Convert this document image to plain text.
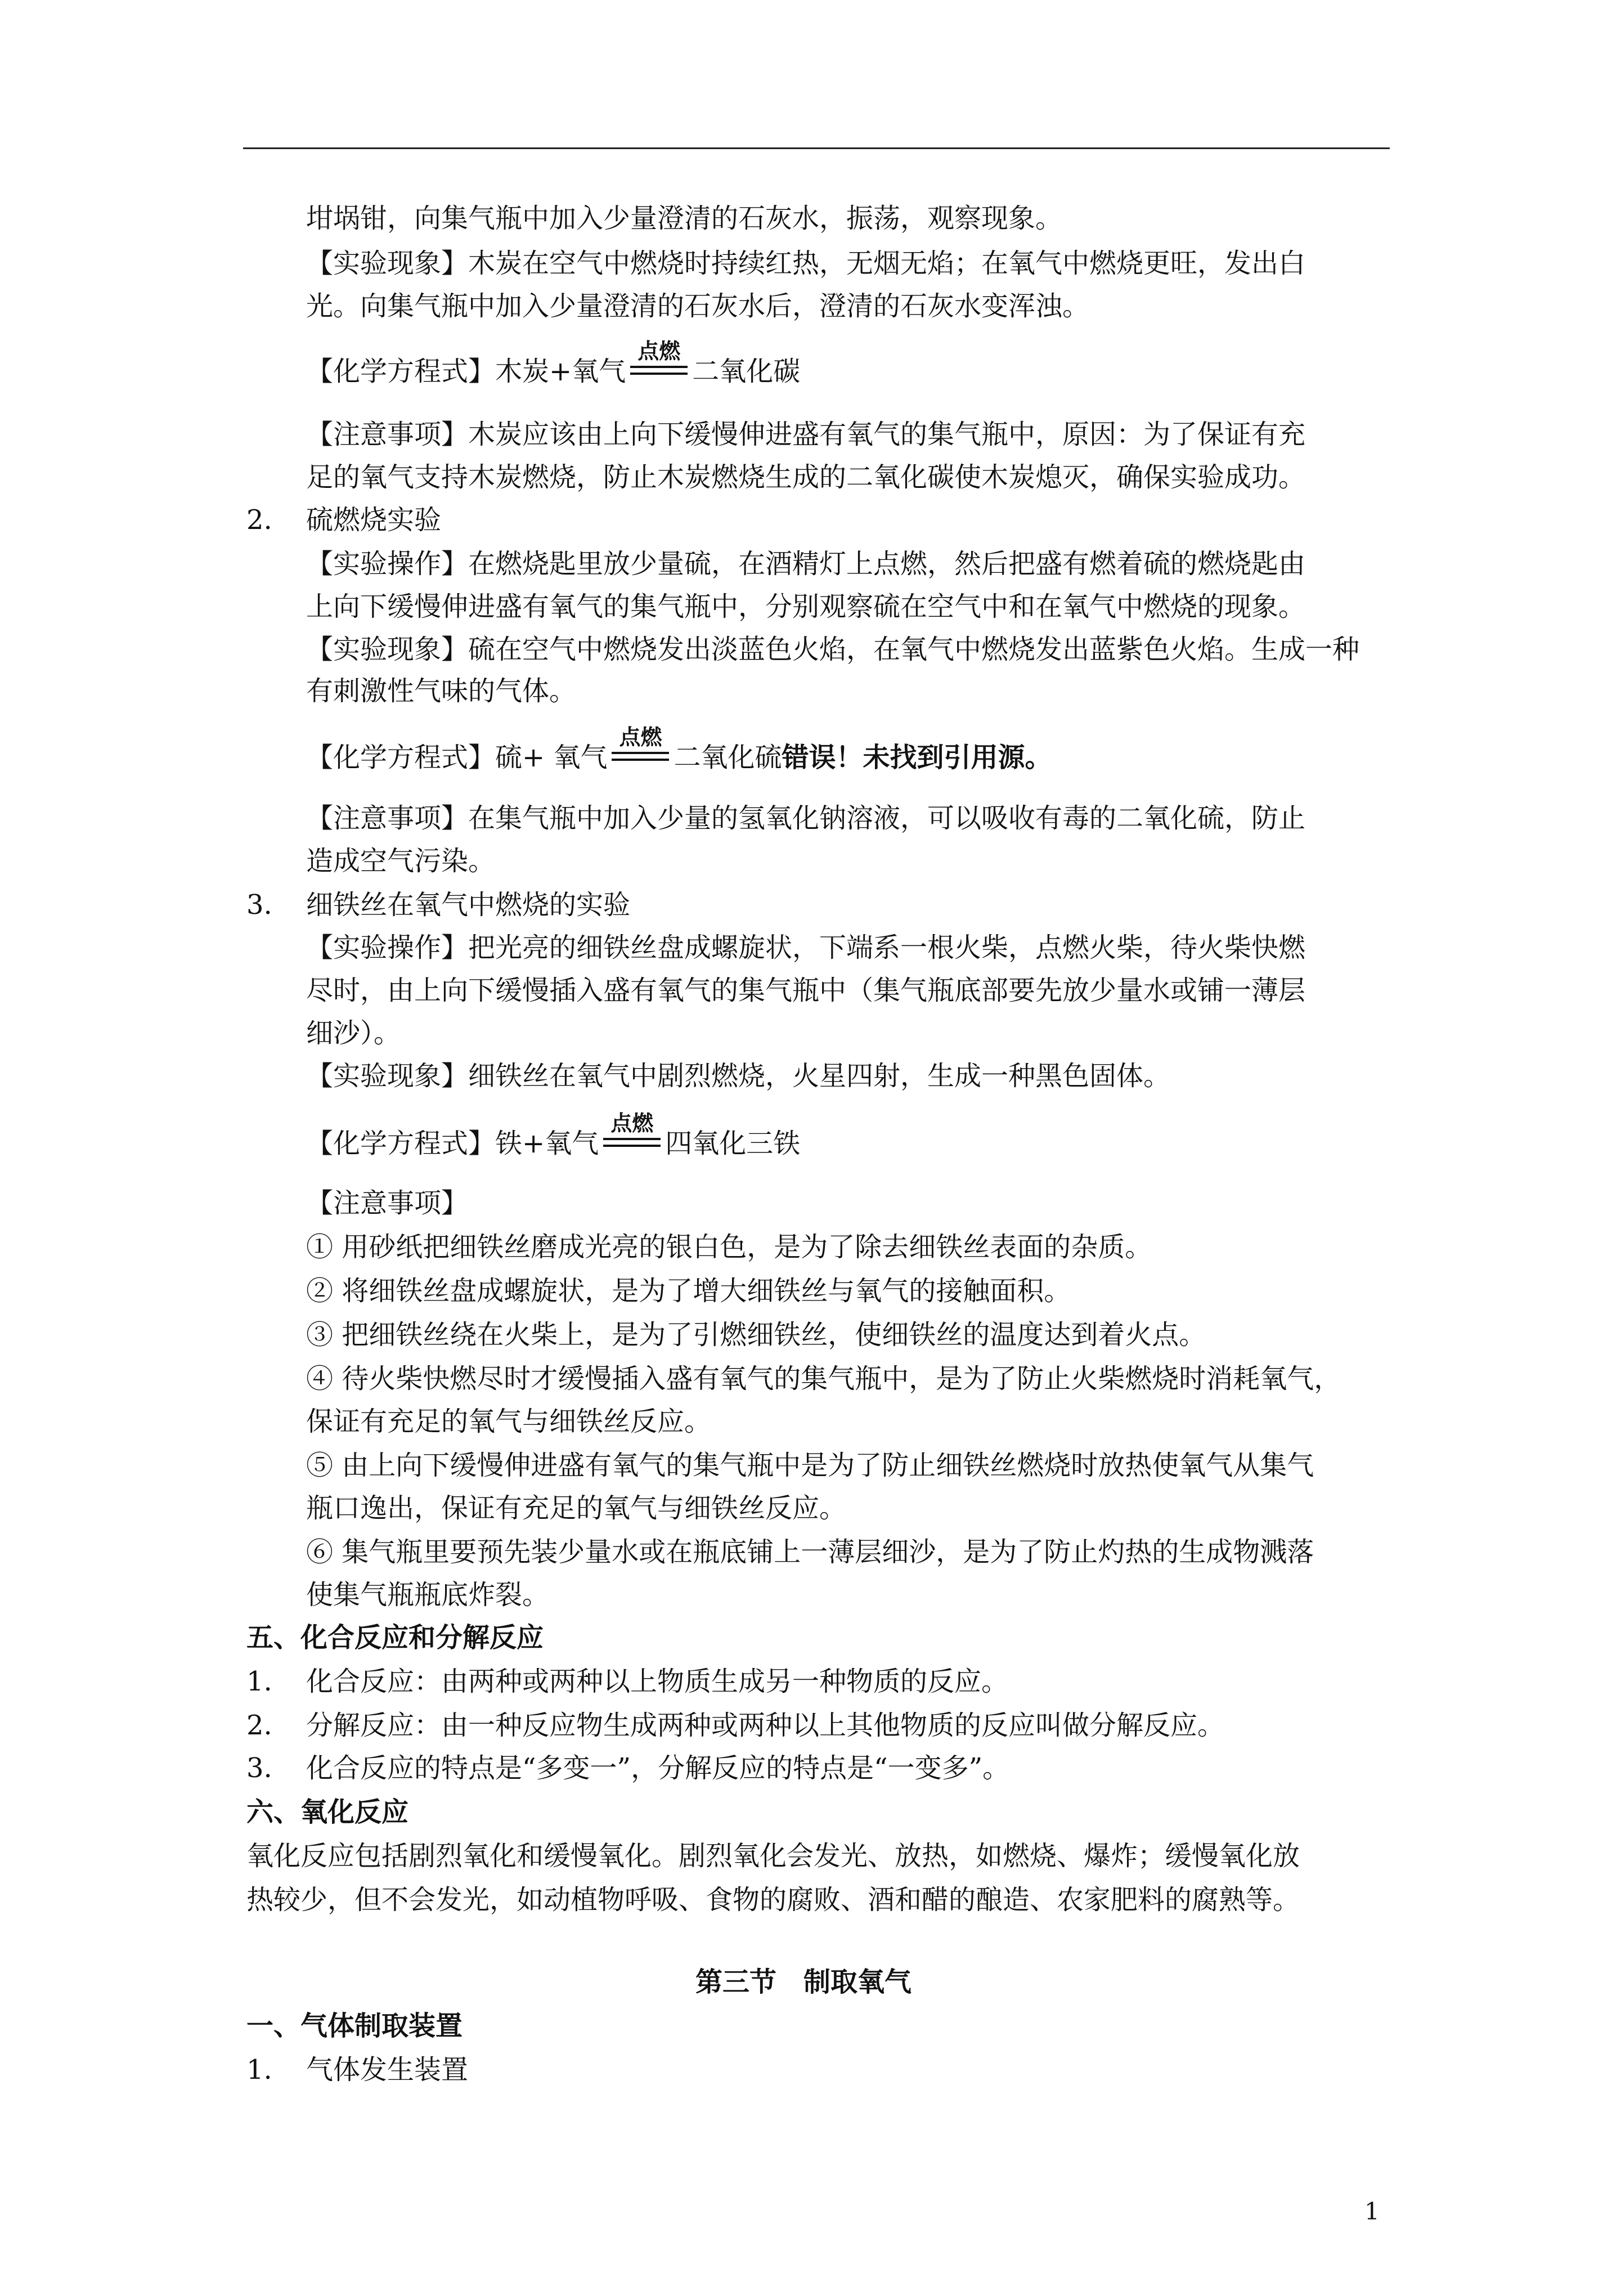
坩埚钳，向集气瓶中加入少量澄清的石灰水，振荡，观察现象。
【实验现象】木炭在空气中燃烧时持续红热，无烟无焰；在氧气中燃烧更旺，发出白
光。向集气瓶中加入少量澄清的石灰水后，澄清的石灰水变浑浊。
【化学方程式】木炭+氧气
点燃
二氧化碳
【注意事项】木炭应该由上向下缓慢伸进盛有氧气的集气瓶中，原因：为了保证有充
足的氧气支持木炭燃烧，防止木炭燃烧生成的二氧化碳使木炭熄灭，确保实验成功。
2. 硫燃烧实验
【实验操作】在燃烧匙里放少量硫，在酒精灯上点燃，然后把盛有燃着硫的燃烧匙由
上向下缓慢伸进盛有氧气的集气瓶中，分别观察硫在空气中和在氧气中燃烧的现象。
【实验现象】硫在空气中燃烧发出淡蓝色火焰，在氧气中燃烧发出蓝紫色火焰。生成一种
有刺激性气味的气体。
【化学方程式】硫+ 氧气
点燃
二氧化硫错误！未找到引用源。
【注意事项】在集气瓶中加入少量的氢氧化钠溶液，可以吸收有毒的二氧化硫，防止
造成空气污染。
3. 细铁丝在氧气中燃烧的实验
【实验操作】把光亮的细铁丝盘成螺旋状，下端系一根火柴，点燃火柴，待火柴快燃
尽时，由上向下缓慢插入盛有氧气的集气瓶中（集气瓶底部要先放少量水或铺一薄层
细沙）。
【实验现象】细铁丝在氧气中剧烈燃烧，火星四射，生成一种黑色固体。
【化学方程式】铁+氧气
点燃
四氧化三铁
【注意事项】
① 用砂纸把细铁丝磨成光亮的银白色，是为了除去细铁丝表面的杂质。
② 将细铁丝盘成螺旋状，是为了增大细铁丝与氧气的接触面积。
③ 把细铁丝绕在火柴上，是为了引燃细铁丝，使细铁丝的温度达到着火点。
④ 待火柴快燃尽时才缓慢插入盛有氧气的集气瓶中，是为了防止火柴燃烧时消耗氧气，
保证有充足的氧气与细铁丝反应。
⑤ 由上向下缓慢伸进盛有氧气的集气瓶中是为了防止细铁丝燃烧时放热使氧气从集气
瓶口逸出，保证有充足的氧气与细铁丝反应。
⑥ 集气瓶里要预先装少量水或在瓶底铺上一薄层细沙，是为了防止灼热的生成物溅落
使集气瓶瓶底炸裂。
五、化合反应和分解反应
1. 化合反应：由两种或两种以上物质生成另一种物质的反应。
2. 分解反应：由一种反应物生成两种或两种以上其他物质的反应叫做分解反应。
3. 化合反应的特点是“多变一”，分解反应的特点是“一变多”。
六、氧化反应
氧化反应包括剧烈氧化和缓慢氧化。剧烈氧化会发光、放热，如燃烧、爆炸；缓慢氧化放
热较少，但不会发光，如动植物呼吸、食物的腐败、酒和醋的酿造、农家肥料的腐熟等。
第三节　制取氧气
一、气体制取装置
1. 气体发生装置
1
